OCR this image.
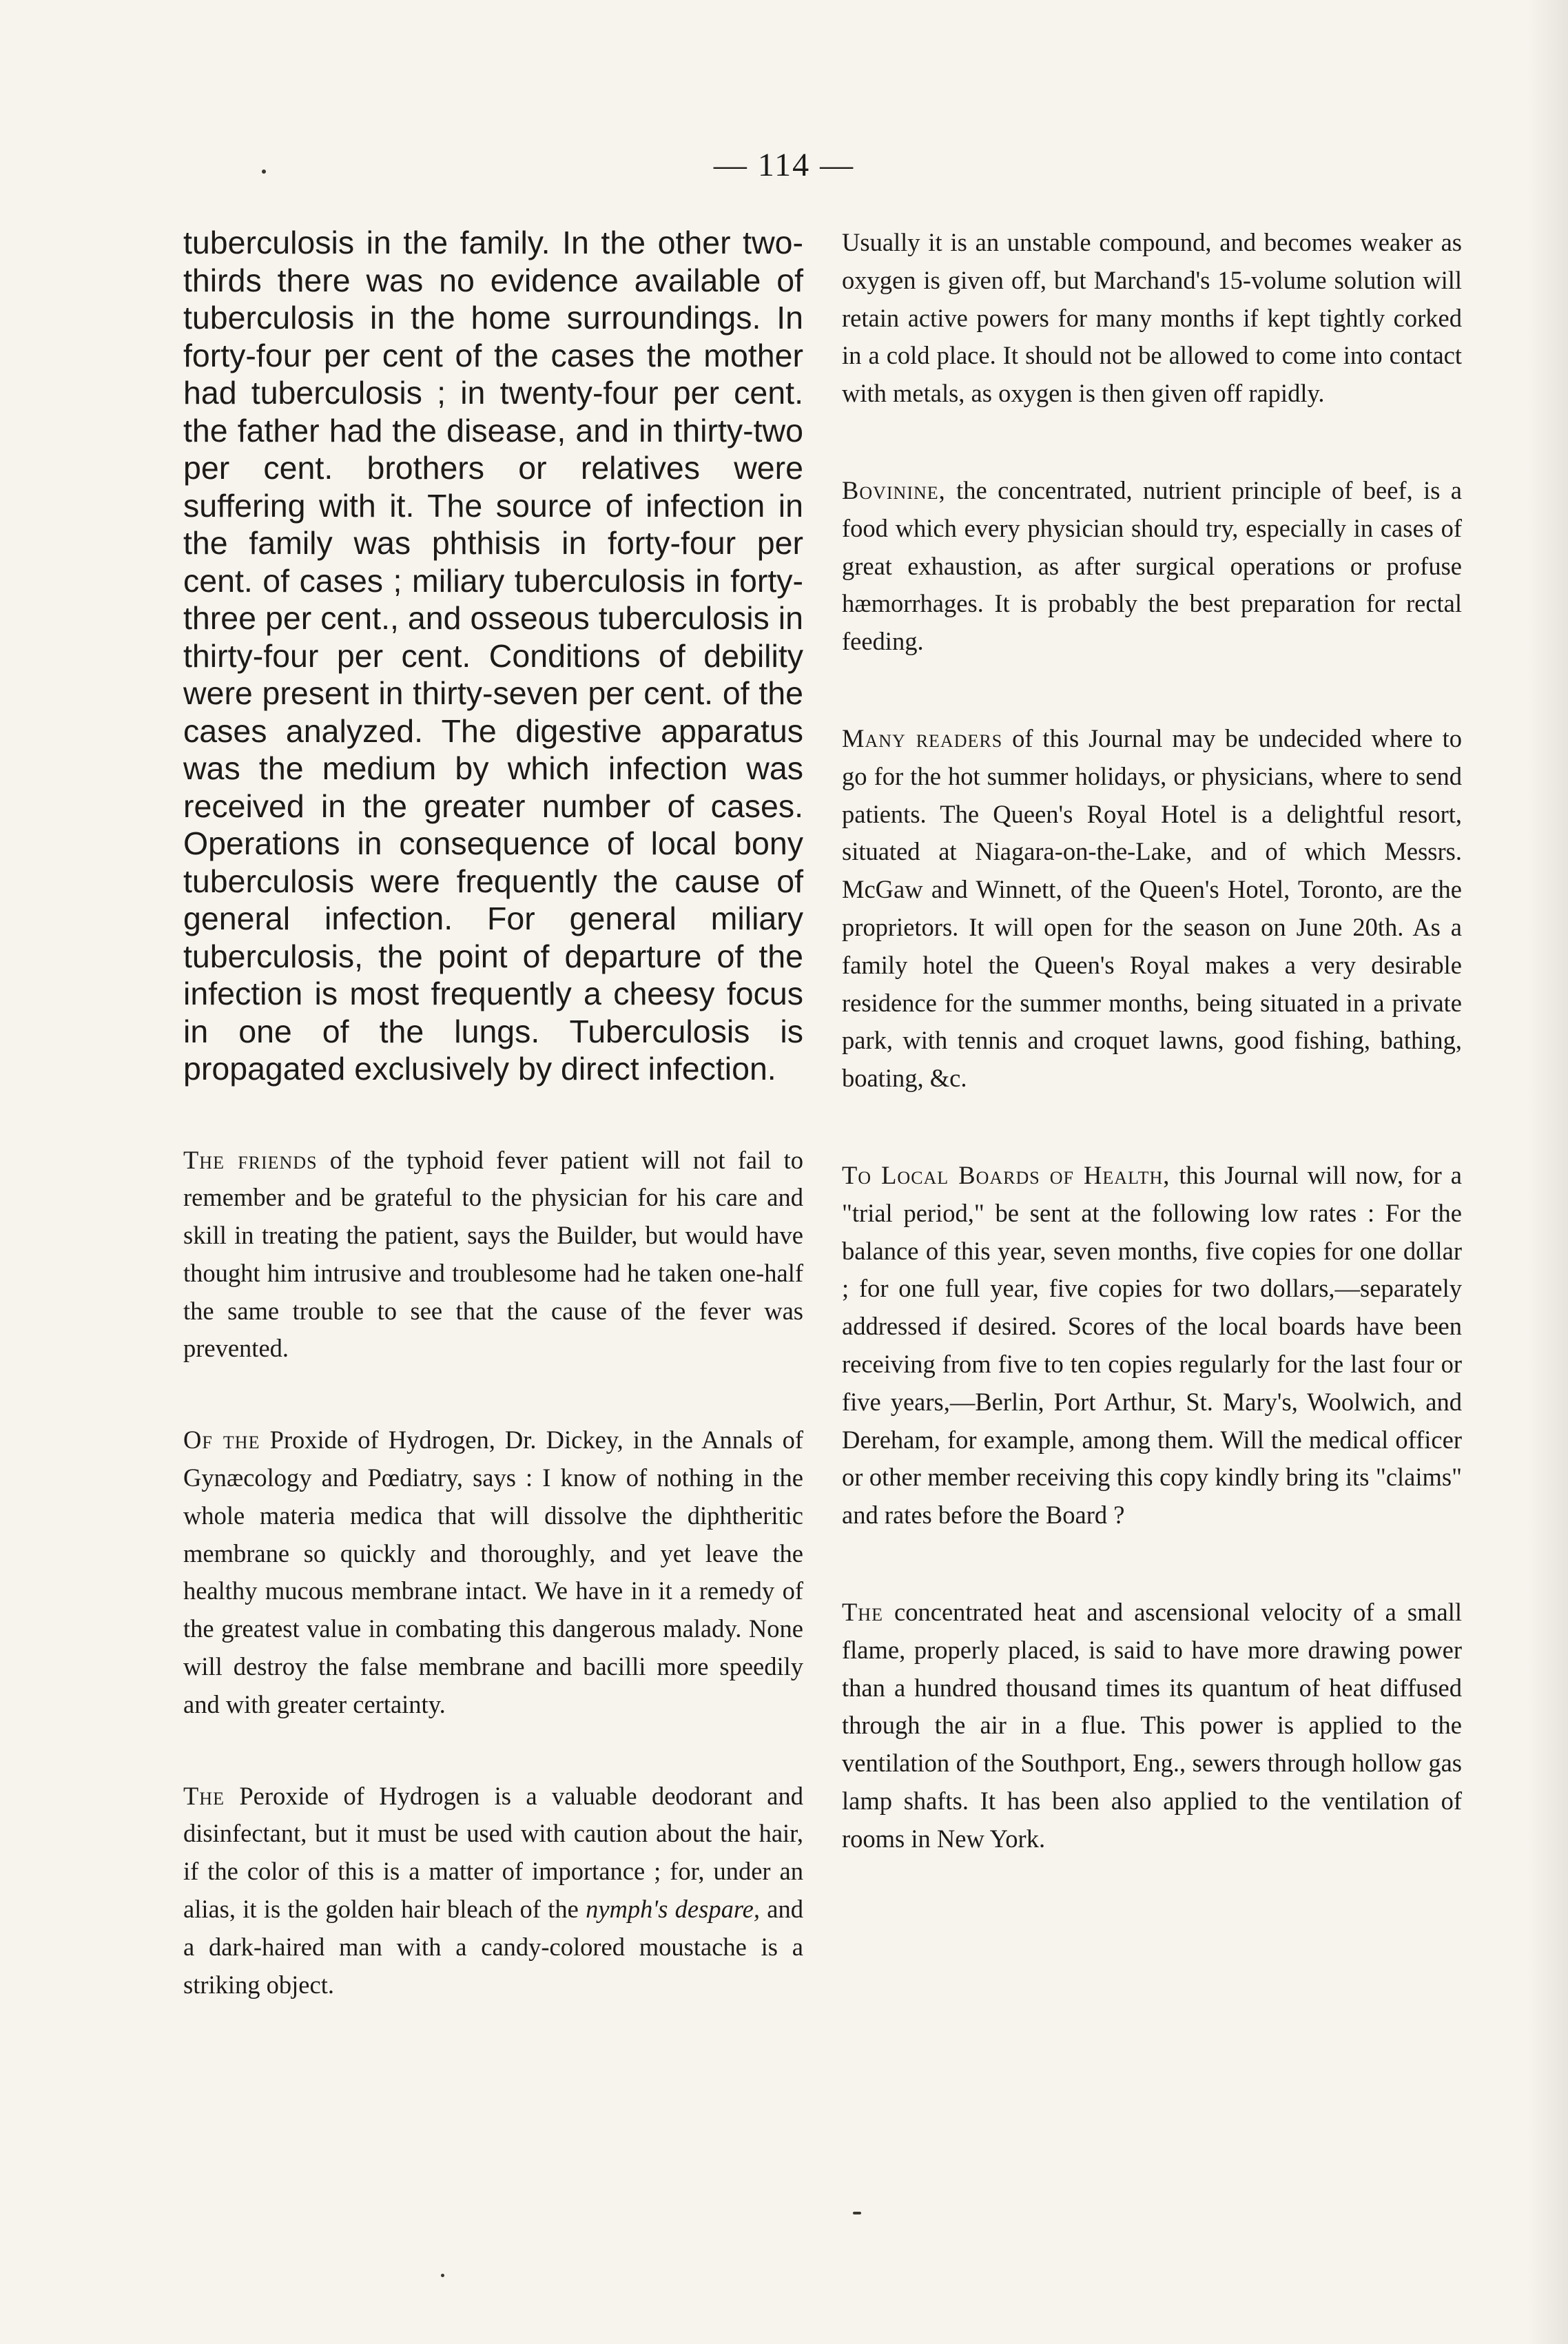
— 114 —

tuberculosis in the family. In the other two-thirds there was no evidence available of tuberculosis in the home surroundings. In forty-four per cent of the cases the mother had tuberculosis ; in twenty-four per cent. the father had the disease, and in thirty-two per cent. brothers or relatives were suffering with it. The source of infection in the family was phthisis in forty-four per cent. of cases ; miliary tuberculosis in forty-three per cent., and osseous tuberculosis in thirty-four per cent. Conditions of debility were present in thirty-seven per cent. of the cases analyzed. The digestive apparatus was the medium by which infection was received in the greater number of cases. Operations in consequence of local bony tuberculosis were frequently the cause of general infection. For general miliary tuberculosis, the point of departure of the infection is most frequently a cheesy focus in one of the lungs. Tuberculosis is propagated exclusively by direct infection.

The friends of the typhoid fever patient will not fail to remember and be grateful to the physician for his care and skill in treating the patient, says the Builder, but would have thought him intrusive and troublesome had he taken one-half the same trouble to see that the cause of the fever was prevented.

Of the Proxide of Hydrogen, Dr. Dickey, in the Annals of Gynæcology and Pœdiatry, says : I know of nothing in the whole materia medica that will dissolve the diphtheritic membrane so quickly and thoroughly, and yet leave the healthy mucous membrane intact. We have in it a remedy of the greatest value in combating this dangerous malady. None will destroy the false membrane and bacilli more speedily and with greater certainty.

The Peroxide of Hydrogen is a valuable deodorant and disinfectant, but it must be used with caution about the hair, if the color of this is a matter of importance ; for, under an alias, it is the golden hair bleach of the nymph's despare, and a dark-haired man with a candy-colored moustache is a striking object.

Usually it is an unstable compound, and becomes weaker as oxygen is given off, but Marchand's 15-volume solution will retain active powers for many months if kept tightly corked in a cold place. It should not be allowed to come into contact with metals, as oxygen is then given off rapidly.

Bovinine, the concentrated, nutrient principle of beef, is a food which every physician should try, especially in cases of great exhaustion, as after surgical operations or profuse hæmorrhages. It is probably the best preparation for rectal feeding.

Many readers of this Journal may be undecided where to go for the hot summer holidays, or physicians, where to send patients. The Queen's Royal Hotel is a delightful resort, situated at Niagara-on-the-Lake, and of which Messrs. McGaw and Winnett, of the Queen's Hotel, Toronto, are the proprietors. It will open for the season on June 20th. As a family hotel the Queen's Royal makes a very desirable residence for the summer months, being situated in a private park, with tennis and croquet lawns, good fishing, bathing, boating, &c.

To Local Boards of Health, this Journal will now, for a "trial period," be sent at the following low rates : For the balance of this year, seven months, five copies for one dollar ; for one full year, five copies for two dollars,—separately addressed if desired. Scores of the local boards have been receiving from five to ten copies regularly for the last four or five years,—Berlin, Port Arthur, St. Mary's, Woolwich, and Dereham, for example, among them. Will the medical officer or other member receiving this copy kindly bring its "claims" and rates before the Board ?

The concentrated heat and ascensional velocity of a small flame, properly placed, is said to have more drawing power than a hundred thousand times its quantum of heat diffused through the air in a flue. This power is applied to the ventilation of the Southport, Eng., sewers through hollow gas lamp shafts. It has been also applied to the ventilation of rooms in New York.
